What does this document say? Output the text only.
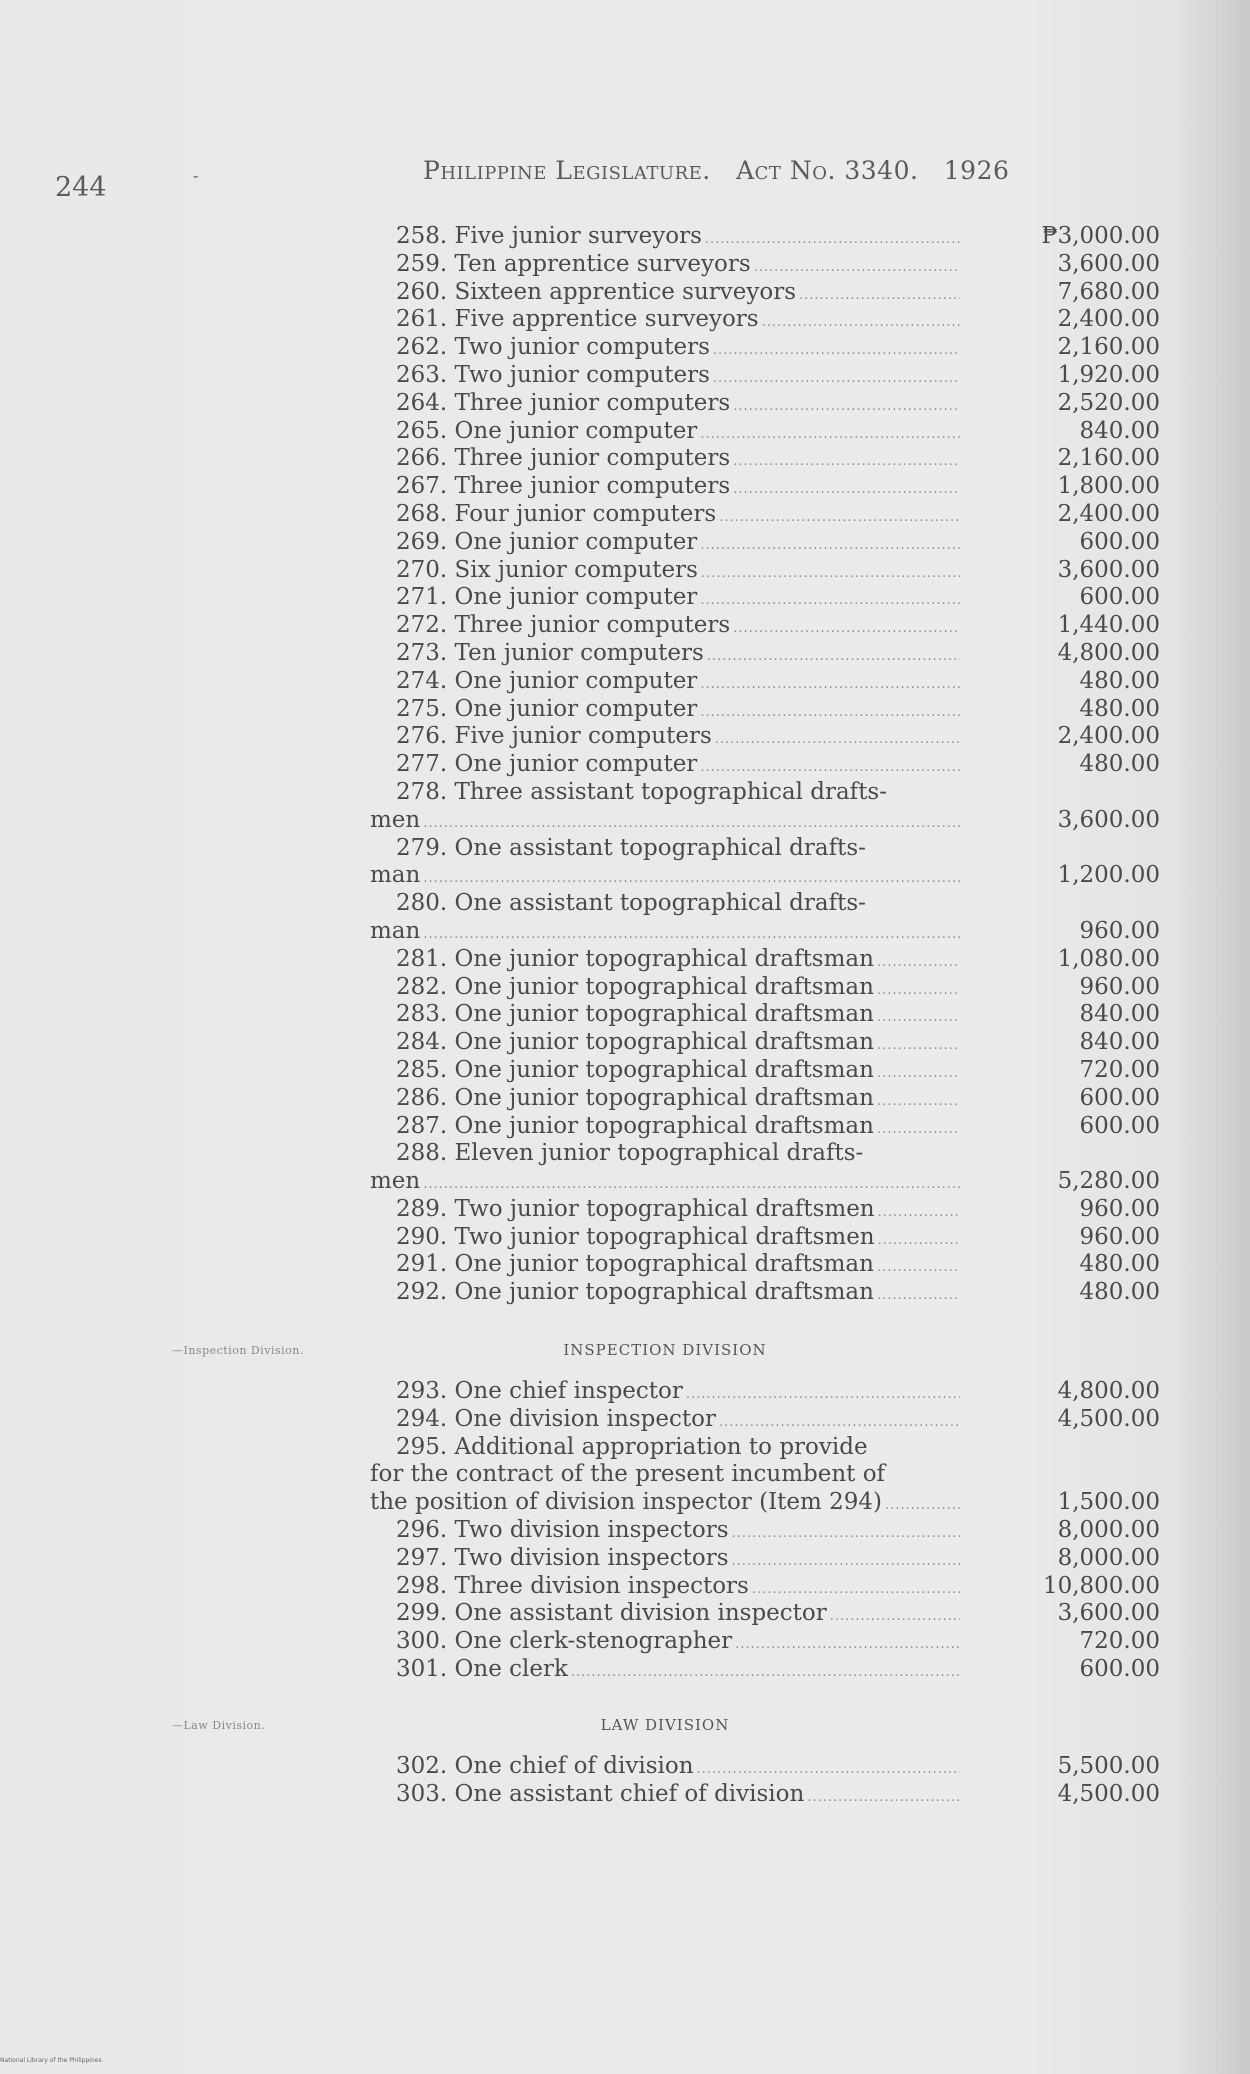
244	-	Philippine Legislature. Act No. 3340. 1926
258. Five junior surveyors .....	₱3,000.00
259. Ten apprentice surveyors .....	3,600.00
260. Sixteen apprentice surveyors .....	7,680.00
261. Five apprentice surveyors .....	2,400.00
262. Two junior computers .....	2,160.00
263. Two junior computers .....	1,920.00
264. Three junior computers .....	2,520.00
265. One junior computer .....	840.00
266. Three junior computers .....	2,160.00
267. Three junior computers .....	1,800.00
268. Four junior computers .....	2,400.00
269. One junior computer .....	600.00
270. Six junior computers .....	3,600.00
271. One junior computer .....	600.00
272. Three junior computers .....	1,440.00
273. Ten junior computers .....	4,800.00
274. One junior computer .....	480.00
275. One junior computer .....	480.00
276. Five junior computers .....	2,400.00
277. One junior computer .....	480.00
278. Three assistant topographical drafts-
men .....	3,600.00
279. One assistant topographical drafts-
man .....	1,200.00
280. One assistant topographical drafts-
man .....	960.00
281. One junior topographical draftsman .....	1,080.00
282. One junior topographical draftsman .....	960.00
283. One junior topographical draftsman .....	840.00
284. One junior topographical draftsman .....	840.00
285. One junior topographical draftsman .....	720.00
286. One junior topographical draftsman .....	600.00
287. One junior topographical draftsman .....	600.00
288. Eleven junior topographical drafts-
men .....	5,280.00
289. Two junior topographical draftsmen .....	960.00
290. Two junior topographical draftsmen .....	960.00
291. One junior topographical draftsman .....	480.00
292. One junior topographical draftsman .....	480.00
—Inspection Division.	INSPECTION DIVISION
293. One chief inspector .....	4,800.00
294. One division inspector .....	4,500.00
295. Additional appropriation to provide
for the contract of the present incumbent of
the position of division inspector (Item 294) .....	1,500.00
296. Two division inspectors .....	8,000.00
297. Two division inspectors .....	8,000.00
298. Three division inspectors .....	10,800.00
299. One assistant division inspector .....	3,600.00
300. One clerk-stenographer .....	720.00
301. One clerk .....	600.00
—Law Division.	LAW DIVISION
302. One chief of division .....	5,500.00
303. One assistant chief of division .....	4,500.00
National Library of the Philippines
